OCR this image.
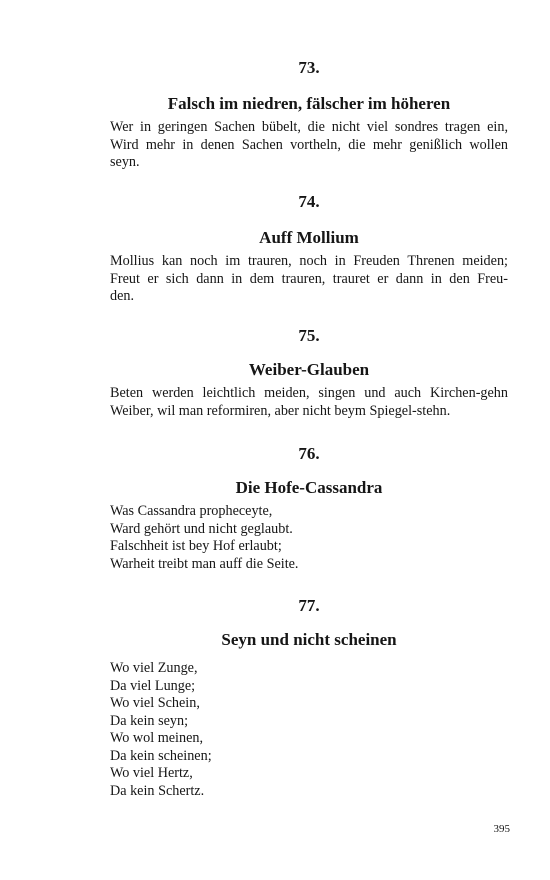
73.

Falsch im niedren, fälscher im höheren

Wer in geringen Sachen bübelt, die nicht viel sondres tragen ein,
Wird mehr in denen Sachen vortheln, die mehr genißlich wollen
seyn.

74.

Auff Mollium

Mollius kan noch im trauren, noch in Freuden Threnen meiden;
Freut er sich dann in dem trauren, trauret er dann in den Freu-
den.

75.

Weiber-Glauben

Beten werden leichtlich meiden, singen und auch Kirchen-gehn
Weiber, wil man reformiren, aber nicht beym Spiegel-stehn.

76.

Die Hofe-Cassandra

Was Cassandra propheceyte,
Ward gehört und nicht geglaubt.
Falschheit ist bey Hof erlaubt;
Warheit treibt man auff die Seite.

77.

Seyn und nicht scheinen

Wo viel Zunge,
Da viel Lunge;
Wo viel Schein,
Da kein seyn;
Wo wol meinen,
Da kein scheinen;
Wo viel Hertz,
Da kein Schertz.
395
